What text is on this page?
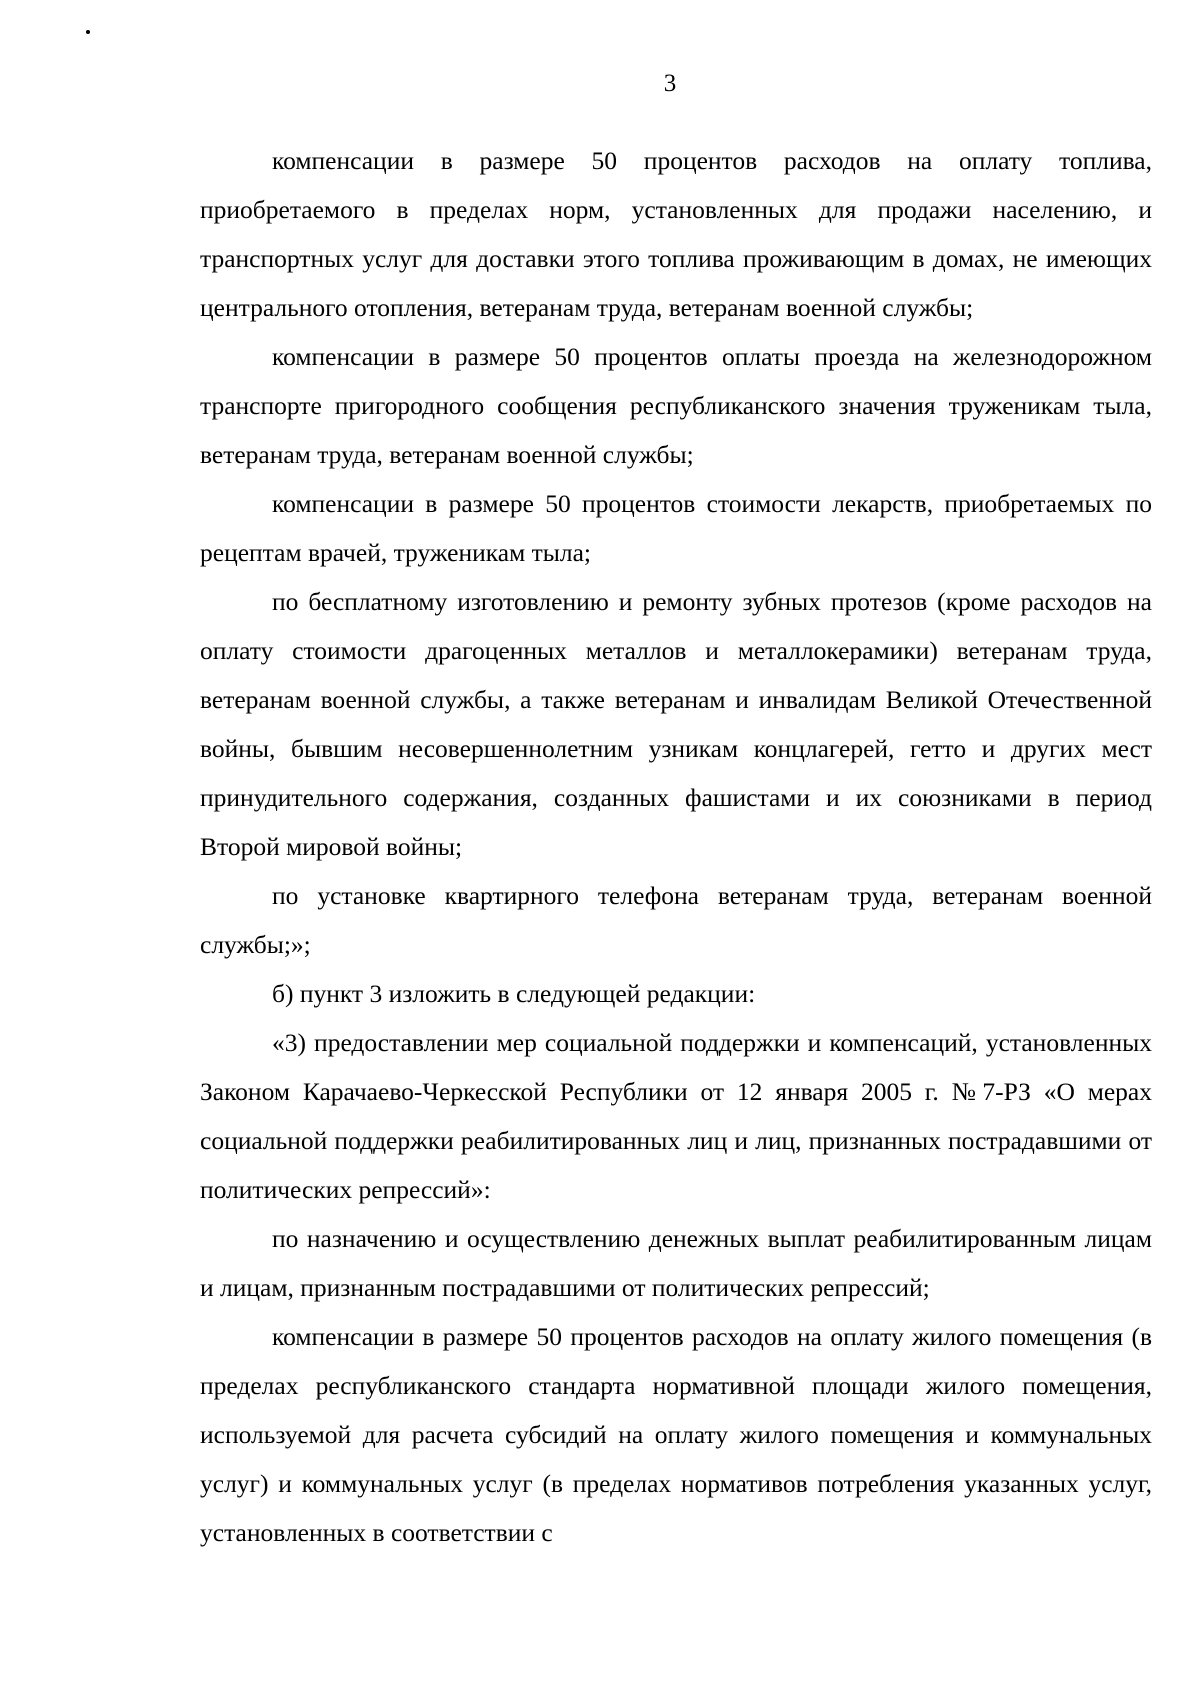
3

компенсации в размере 50 процентов расходов на оплату топлива, приобретаемого в пределах норм, установленных для продажи населению, и транспортных услуг для доставки этого топлива проживающим в домах, не имеющих центрального отопления, ветеранам труда, ветеранам военной службы;

компенсации в размере 50 процентов оплаты проезда на железнодорожном транспорте пригородного сообщения республиканского значения труженикам тыла, ветеранам труда, ветеранам военной службы;

компенсации в размере 50 процентов стоимости лекарств, приобретаемых по рецептам врачей, труженикам тыла;

по бесплатному изготовлению и ремонту зубных протезов (кроме расходов на оплату стоимости драгоценных металлов и металлокерамики) ветеранам труда, ветеранам военной службы, а также ветеранам и инвалидам Великой Отечественной войны, бывшим несовершеннолетним узникам концлагерей, гетто и других мест принудительного содержания, созданных фашистами и их союзниками в период Второй мировой войны;

по установке квартирного телефона ветеранам труда, ветеранам военной службы;»;

б) пункт 3 изложить в следующей редакции:

«3) предоставлении мер социальной поддержки и компенсаций, установленных Законом Карачаево-Черкесской Республики от 12 января 2005 г. №7-РЗ «О мерах социальной поддержки реабилитированных лиц и лиц, признанных пострадавшими от политических репрессий»:

по назначению и осуществлению денежных выплат реабилитированным лицам и лицам, признанным пострадавшими от политических репрессий;

компенсации в размере 50 процентов расходов на оплату жилого помещения (в пределах республиканского стандарта нормативной площади жилого помещения, используемой для расчета субсидий на оплату жилого помещения и коммунальных услуг) и коммунальных услуг (в пределах нормативов потребления указанных услуг, установленных в соответствии с
